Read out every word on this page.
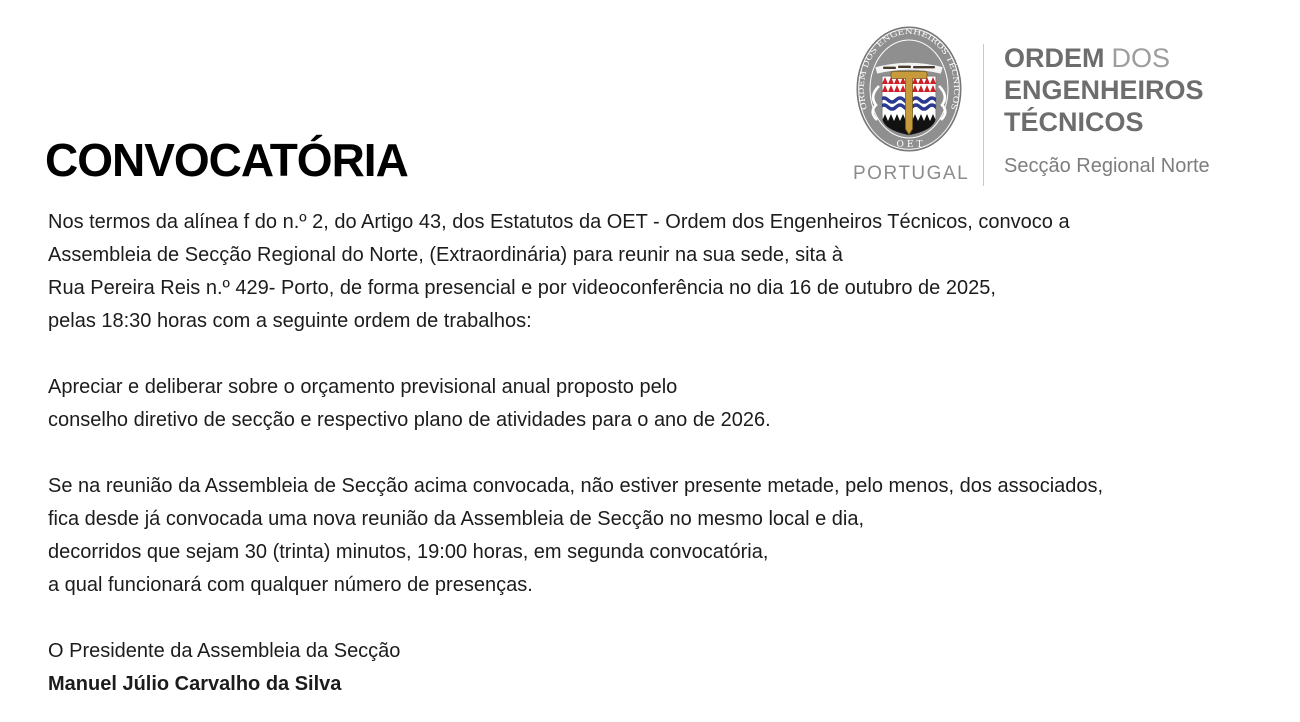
CONVOCATÓRIA
ORDEM DOS ENGENHEIROS TÉCNICOS
OET
PORTUGAL
ORDEM DOS
ENGENHEIROS
TÉCNICOS
Secção Regional Norte
Nos termos da alínea f do n.º 2, do Artigo 43, dos Estatutos da OET - Ordem dos Engenheiros Técnicos, convoco a
Assembleia de Secção Regional do Norte, (Extraordinária) para reunir na sua sede, sita à
Rua Pereira Reis n.º 429- Porto, de forma presencial e por videoconferência no dia 16 de outubro de 2025,
pelas 18:30 horas com a seguinte ordem de trabalhos:
Apreciar e deliberar sobre o orçamento previsional anual proposto pelo
conselho diretivo de secção e respectivo plano de atividades para o ano de 2026.
Se na reunião da Assembleia de Secção acima convocada, não estiver presente metade, pelo menos, dos associados,
fica desde já convocada uma nova reunião da Assembleia de Secção no mesmo local e dia,
decorridos que sejam 30 (trinta) minutos, 19:00 horas, em segunda convocatória,
a qual funcionará com qualquer número de presenças.
O Presidente da Assembleia da Secção
Manuel Júlio Carvalho da Silva
